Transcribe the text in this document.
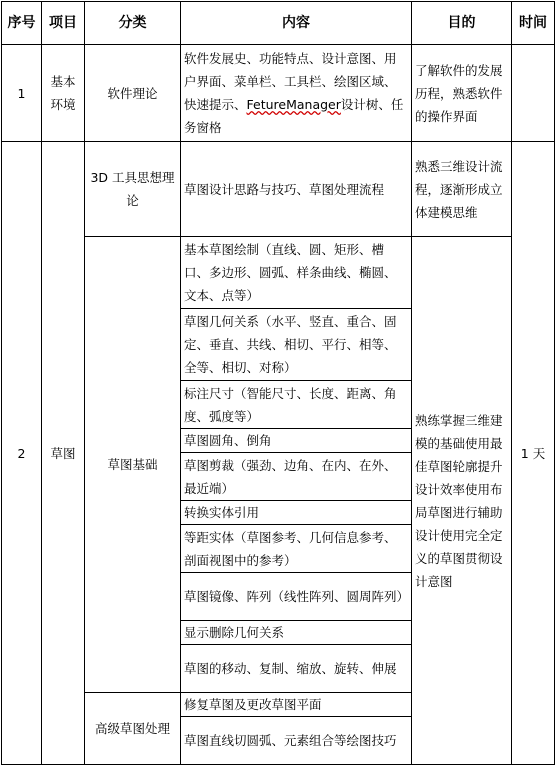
序号	项目	分类	内容	目的	时间
1	基本环境	软件理论	软件发展史、功能特点、设计意图、用户界面、菜单栏、工具栏、绘图区域、快速提示、FetureManager设计树、任务窗格	了解软件的发展历程，熟悉软件的操作界面	
2	草图	3D 工具思想理论	草图设计思路与技巧、草图处理流程	熟悉三维设计流程，逐渐形成立体建模思维	1 天
		草图基础	基本草图绘制（直线、圆、矩形、槽口、多边形、圆弧、样条曲线、椭圆、文本、点等）	熟练掌握三维建模的基础使用最佳草图轮廓提升设计效率使用布局草图进行辅助设计使用完全定义的草图贯彻设计意图	
			草图几何关系（水平、竖直、重合、固定、垂直、共线、相切、平行、相等、全等、相切、对称）		
			标注尺寸（智能尺寸、长度、距离、角度、弧度等）		
			草图圆角、倒角		
			草图剪裁（强劲、边角、在内、在外、最近端）		
			转换实体引用		
			等距实体（草图参考、几何信息参考、剖面视图中的参考）		
			草图镜像、阵列（线性阵列、圆周阵列）		
			显示删除几何关系		
			草图的移动、复制、缩放、旋转、伸展		
		高级草图处理	修复草图及更改草图平面		
			草图直线切圆弧、元素组合等绘图技巧		
